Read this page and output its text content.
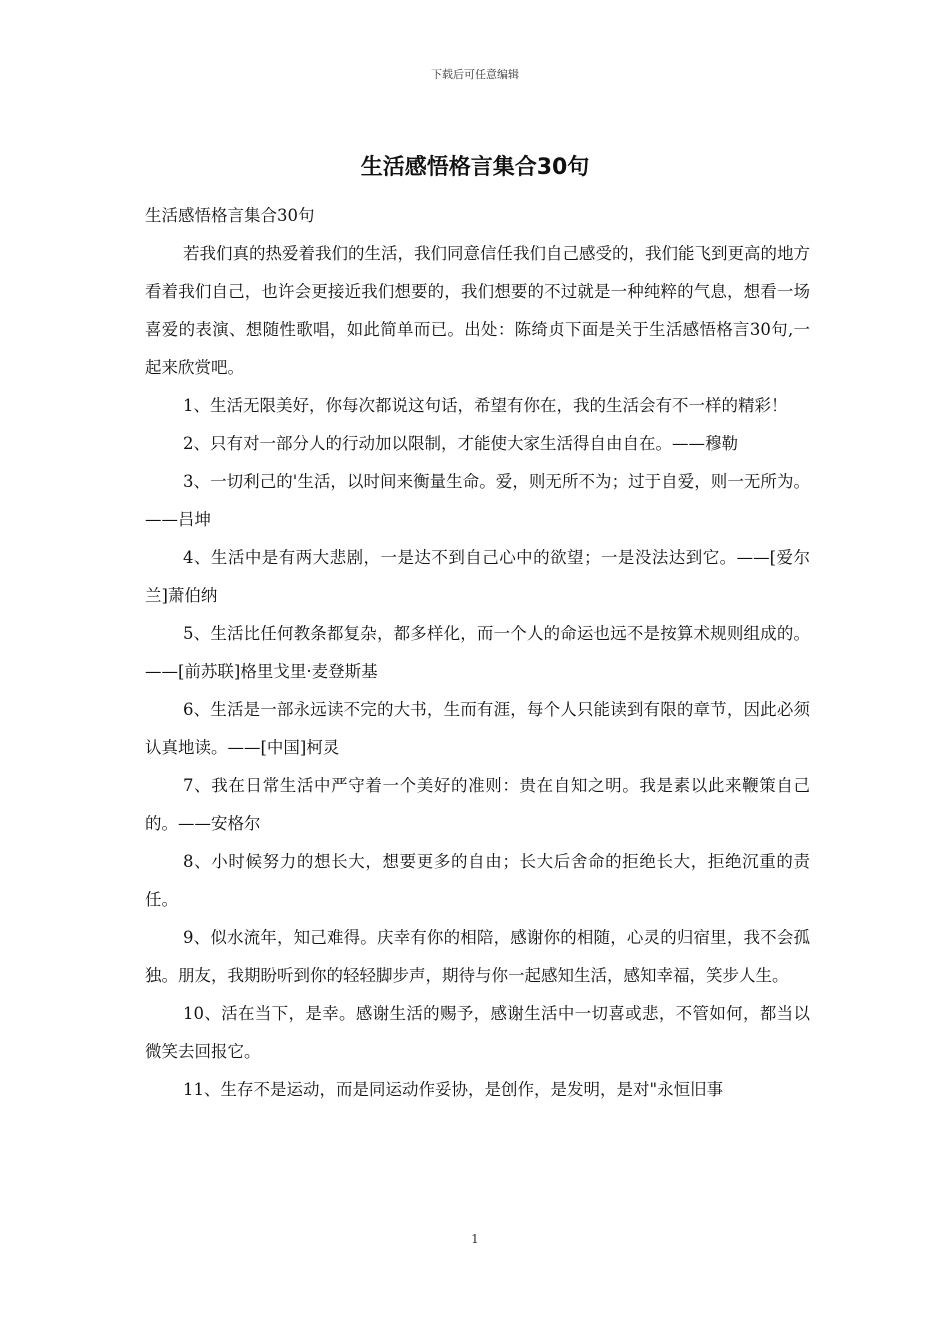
下载后可任意编辑
生活感悟格言集合30句

生活感悟格言集合30句

若我们真的热爱着我们的生活，我们同意信任我们自己感受的，我们能飞到更高的地方看着我们自己，也许会更接近我们想要的，我们想要的不过就是一种纯粹的气息，想看一场喜爱的表演、想随性歌唱，如此简单而已。出处：陈绮贞下面是关于生活感悟格言30句,一起来欣赏吧。

1、生活无限美好，你每次都说这句话，希望有你在，我的生活会有不一样的精彩！

2、只有对一部分人的行动加以限制，才能使大家生活得自由自在。——穆勒

3、一切利己的'生活，以时间来衡量生命。爱，则无所不为；过于自爱，则一无所为。——吕坤

4、生活中是有两大悲剧，一是达不到自己心中的欲望；一是没法达到它。——[爱尔兰]萧伯纳

5、生活比任何教条都复杂，都多样化，而一个人的命运也远不是按算术规则组成的。——[前苏联]格里戈里·麦登斯基

6、生活是一部永远读不完的大书，生而有涯，每个人只能读到有限的章节，因此必须认真地读。——[中国]柯灵

7、我在日常生活中严守着一个美好的准则：贵在自知之明。我是素以此来鞭策自己的。——安格尔

8、小时候努力的想长大，想要更多的自由；长大后舍命的拒绝长大，拒绝沉重的责任。

9、似水流年，知己难得。庆幸有你的相陪，感谢你的相随，心灵的归宿里，我不会孤独。朋友，我期盼听到你的轻轻脚步声，期待与你一起感知生活，感知幸福，笑步人生。

10、活在当下，是幸。感谢生活的赐予，感谢生活中一切喜或悲，不管如何，都当以微笑去回报它。

11、生存不是运动，而是同运动作妥协，是创作，是发明，是对"永恒旧事

1
